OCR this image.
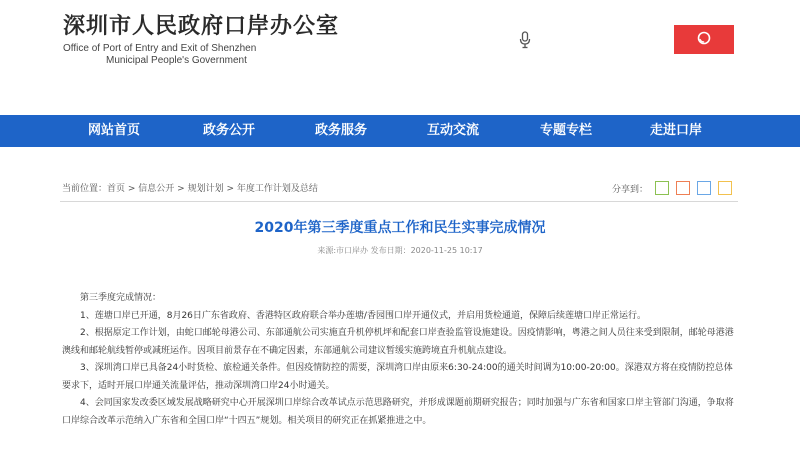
深圳市人民政府口岸办公室
Office of Port of Entry and Exit of Shenzhen
Municipal People's Government
网站首页	政务公开	政务服务	互动交流	专题专栏	走进口岸
当前位置：首页 > 信息公开 > 规划计划 > 年度工作计划及总结	分享到：
2020年第三季度重点工作和民生实事完成情况
来源:市口岸办 发布日期：2020-11-25 10:17

第三季度完成情况：

1、莲塘口岸已开通，8月26日广东省政府、香港特区政府联合举办莲塘/香园围口岸开通仪式，并启用货检通道，保障后续莲塘口岸正常运行。

2、根据原定工作计划，由蛇口邮轮母港公司、东部通航公司实施直升机停机坪和配套口岸查验监管设施建设。因疫情影响，粤港之间人员往来受到限制，邮轮母港港澳线和邮轮航线暂停或减班运作。因项目前景存在不确定因素，东部通航公司建议暂缓实施跨境直升机航点建设。

3、深圳湾口岸已具备24小时货检、旅检通关条件。但因疫情防控的需要，深圳湾口岸由原来6:30-24:00的通关时间调为10:00-20:00。深港双方将在疫情防控总体要求下，适时开展口岸通关流量评估，推动深圳湾口岸24小时通关。

4、会同国家发改委区域发展战略研究中心开展深圳口岸综合改革试点示范思路研究，并形成课题前期研究报告；同时加强与广东省和国家口岸主管部门沟通，争取将口岸综合改革示范纳入广东省和全国口岸“十四五”规划。相关项目的研究正在抓紧推进之中。
